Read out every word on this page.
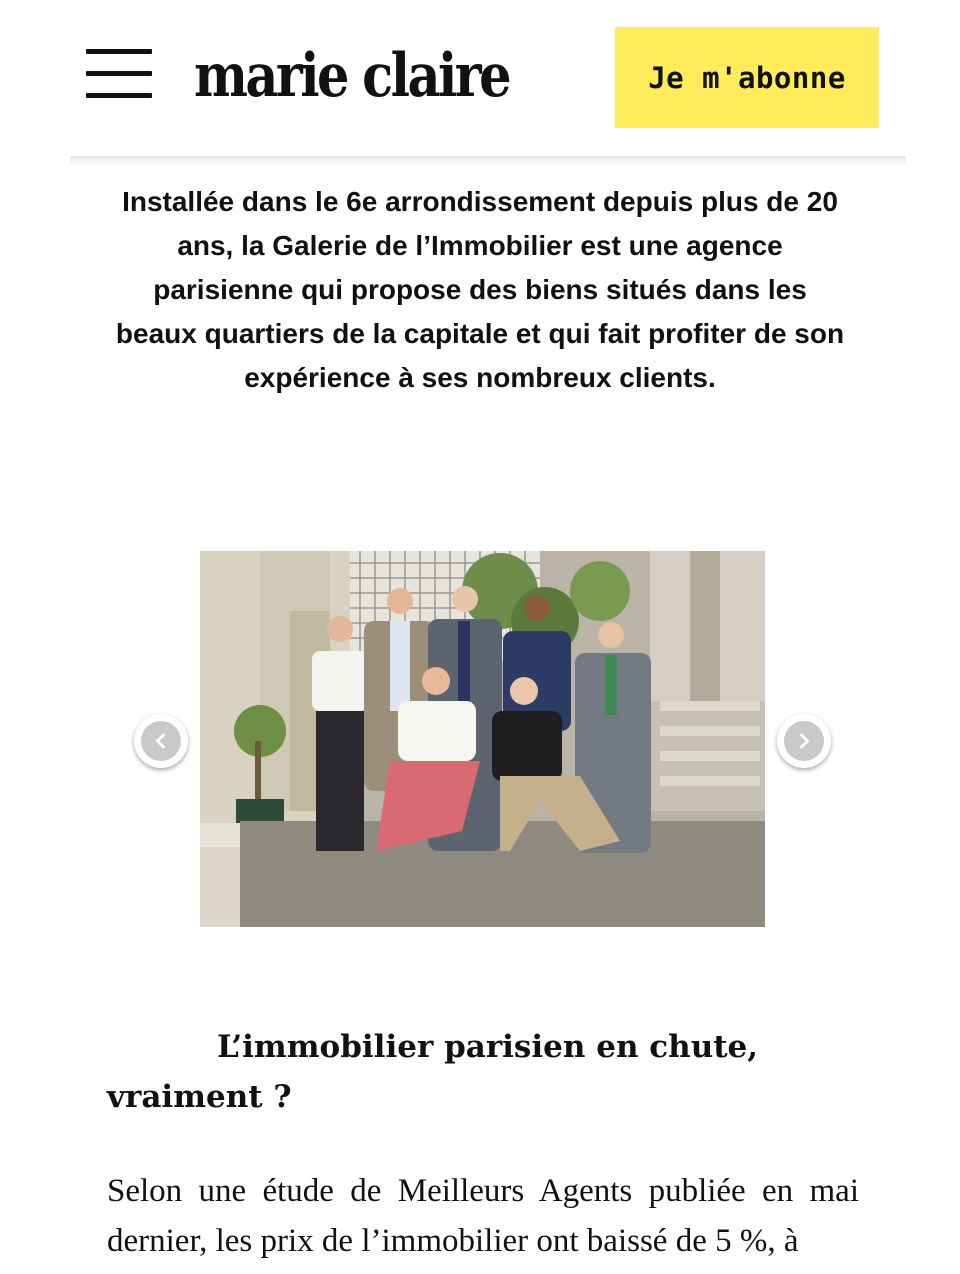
marie claire	Je m'abonne

Installée dans le 6e arrondissement depuis plus de 20 ans, la Galerie de l’Immobilier est une agence parisienne qui propose des biens situés dans les beaux quartiers de la capitale et qui fait profiter de son expérience à ses nombreux clients.

L’immobilier parisien en chute, vraiment ?

Selon une étude de Meilleurs Agents publiée en mai dernier, les prix de l’immobilier ont baissé de 5 %, à
